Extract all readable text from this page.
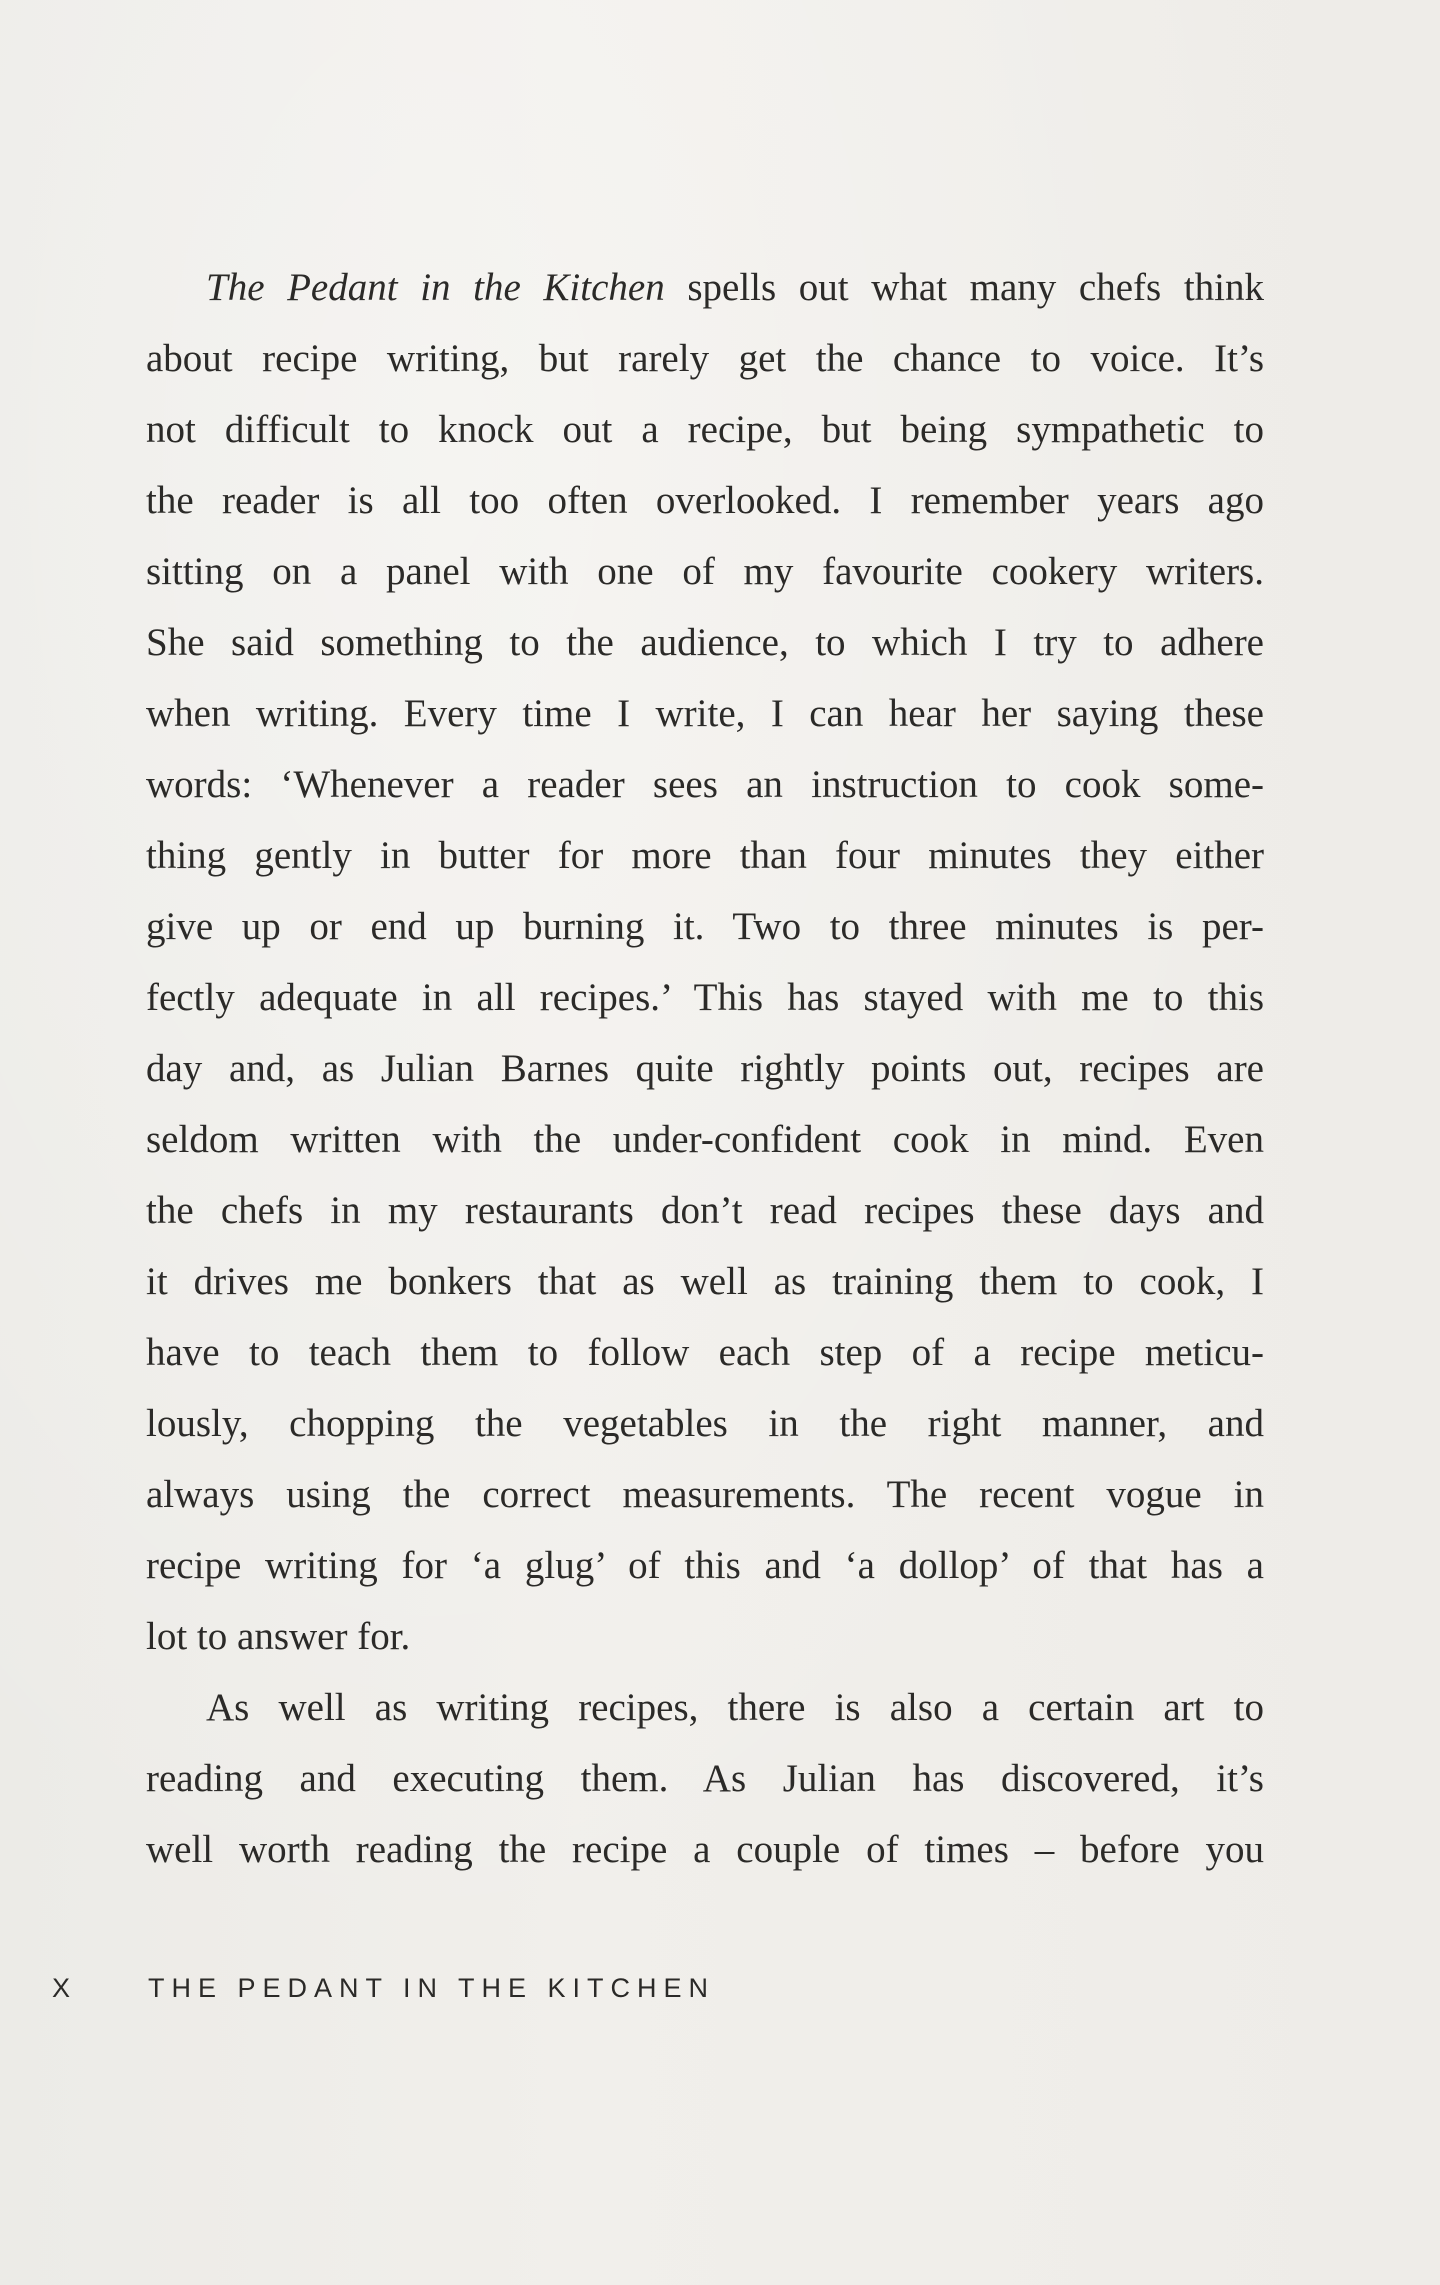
The Pedant in the Kitchen spells out what many chefs think
about recipe writing, but rarely get the chance to voice. It’s
not difficult to knock out a recipe, but being sympathetic to
the reader is all too often overlooked. I remember years ago
sitting on a panel with one of my favourite cookery writers.
She said something to the audience, to which I try to adhere
when writing. Every time I write, I can hear her saying these
words: ‘Whenever a reader sees an instruction to cook some-
thing gently in butter for more than four minutes they either
give up or end up burning it. Two to three minutes is per-
fectly adequate in all recipes.’ This has stayed with me to this
day and, as Julian Barnes quite rightly points out, recipes are
seldom written with the under-confident cook in mind. Even
the chefs in my restaurants don’t read recipes these days and
it drives me bonkers that as well as training them to cook, I
have to teach them to follow each step of a recipe meticu-
lously, chopping the vegetables in the right manner, and
always using the correct measurements. The recent vogue in
recipe writing for ‘a glug’ of this and ‘a dollop’ of that has a
lot to answer for.
As well as writing recipes, there is also a certain art to
reading and executing them. As Julian has discovered, it’s
well worth reading the recipe a couple of times – before you
X	THE PEDANT IN THE KITCHEN
